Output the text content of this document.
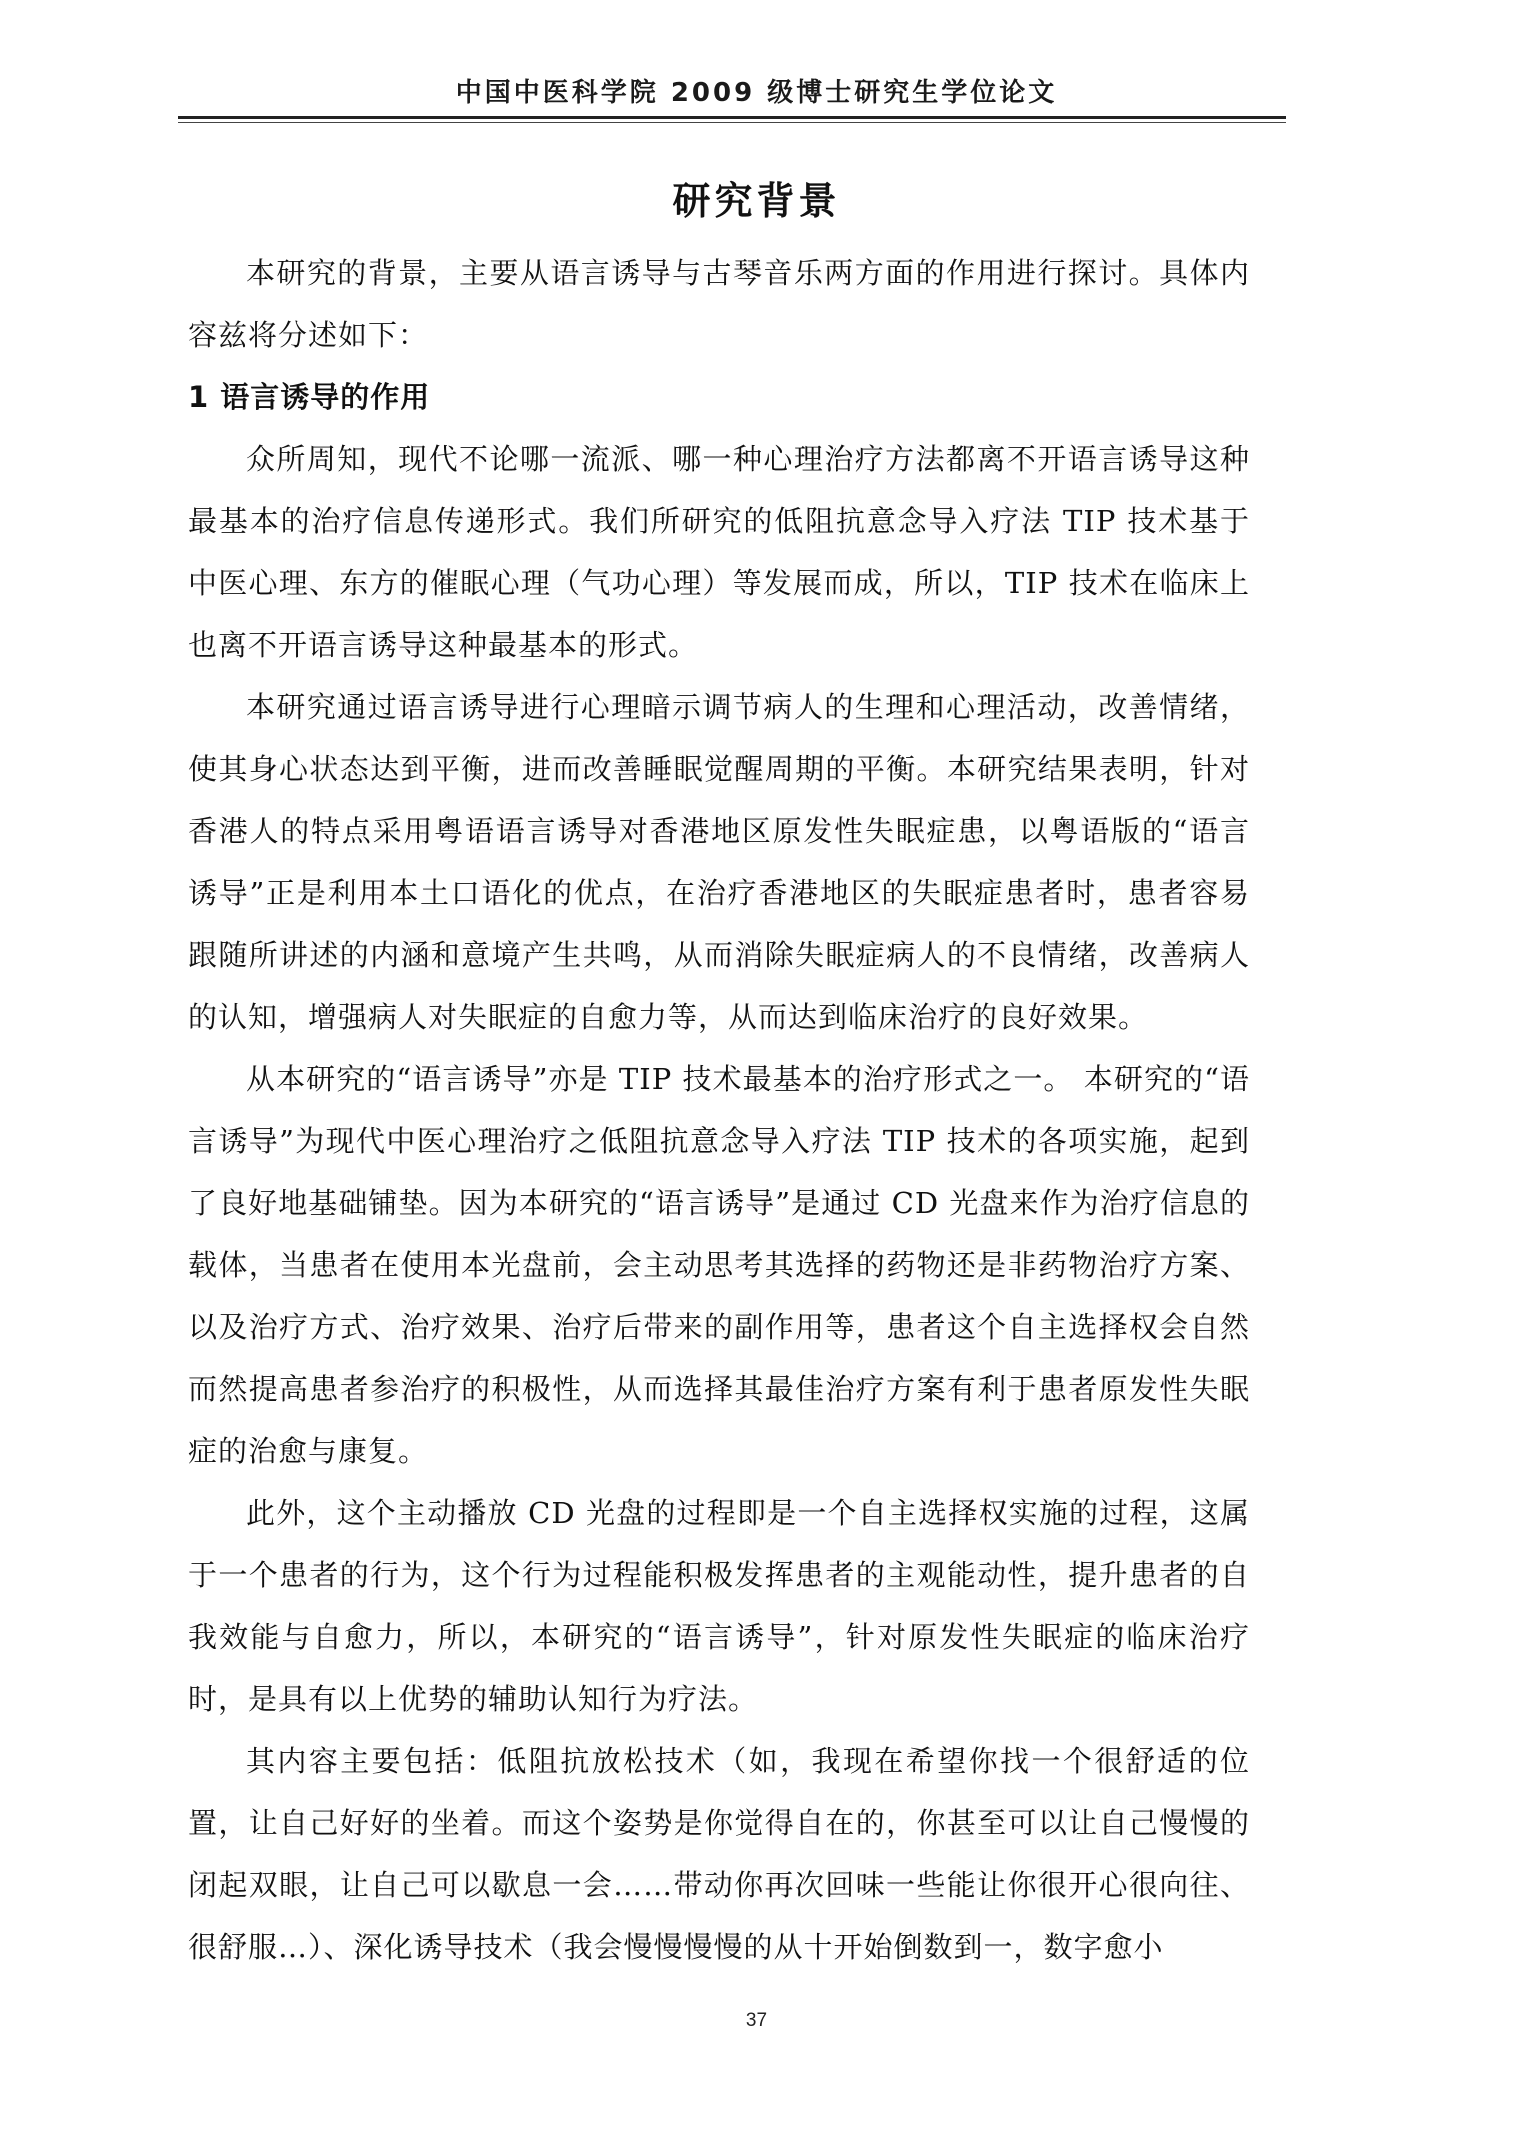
中国中医科学院 2009 级博士研究生学位论文
研究背景

本研究的背景，主要从语言诱导与古琴音乐两方面的作用进行探讨。具体内容兹将分述如下：

1 语言诱导的作用

众所周知，现代不论哪一流派、哪一种心理治疗方法都离不开语言诱导这种最基本的治疗信息传递形式。我们所研究的低阻抗意念导入疗法 TIP 技术基于中医心理、东方的催眠心理（气功心理）等发展而成，所以，TIP 技术在临床上也离不开语言诱导这种最基本的形式。

本研究通过语言诱导进行心理暗示调节病人的生理和心理活动，改善情绪，使其身心状态达到平衡，进而改善睡眠觉醒周期的平衡。本研究结果表明，针对香港人的特点采用粤语语言诱导对香港地区原发性失眠症患，以粤语版的“语言诱导”正是利用本土口语化的优点，在治疗香港地区的失眠症患者时，患者容易跟随所讲述的内涵和意境产生共鸣，从而消除失眠症病人的不良情绪，改善病人的认知，增强病人对失眠症的自愈力等，从而达到临床治疗的良好效果。

从本研究的“语言诱导”亦是 TIP 技术最基本的治疗形式之一。 本研究的“语言诱导”为现代中医心理治疗之低阻抗意念导入疗法 TIP 技术的各项实施，起到了良好地基础铺垫。因为本研究的“语言诱导”是通过 CD 光盘来作为治疗信息的载体，当患者在使用本光盘前，会主动思考其选择的药物还是非药物治疗方案、以及治疗方式、治疗效果、治疗后带来的副作用等，患者这个自主选择权会自然而然提高患者参治疗的积极性，从而选择其最佳治疗方案有利于患者原发性失眠症的治愈与康复。

此外，这个主动播放 CD 光盘的过程即是一个自主选择权实施的过程，这属于一个患者的行为，这个行为过程能积极发挥患者的主观能动性，提升患者的自我效能与自愈力，所以，本研究的“语言诱导”，针对原发性失眠症的临床治疗时，是具有以上优势的辅助认知行为疗法。

其内容主要包括：低阻抗放松技术（如，我现在希望你找一个很舒适的位置，让自己好好的坐着。而这个姿势是你觉得自在的，你甚至可以让自己慢慢的闭起双眼，让自己可以歇息一会……带动你再次回味一些能让你很开心很向往、很舒服…）、深化诱导技术（我会慢慢慢慢的从十开始倒数到一，数字愈小

37
